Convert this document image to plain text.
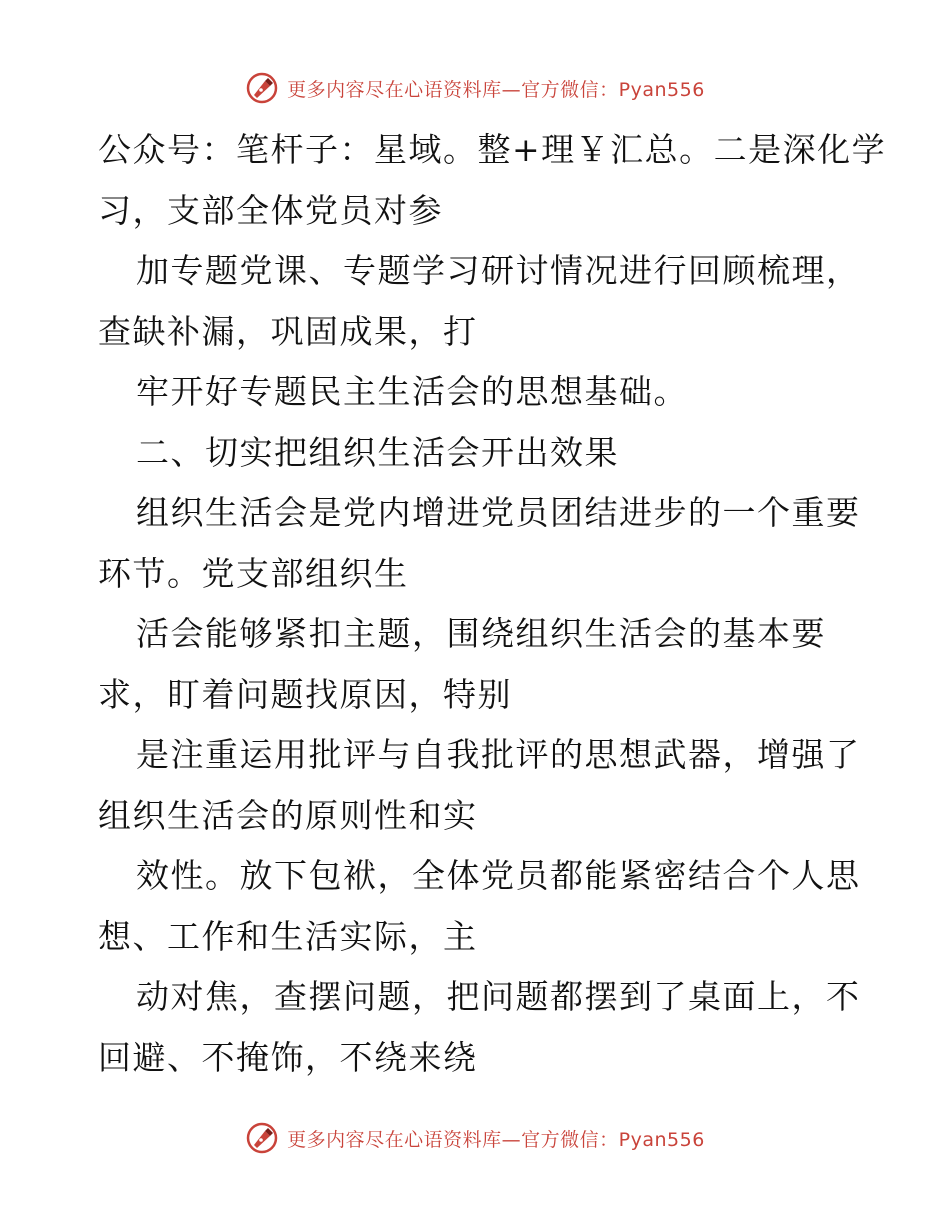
更多内容尽在心语资料库—官方微信：Pyan556
公众号：笔杆子：星域。整+理￥汇总。二是深化学
习，支部全体党员对参
加专题党课、专题学习研讨情况进行回顾梳理，
查缺补漏，巩固成果，打
牢开好专题民主生活会的思想基础。
二、切实把组织生活会开出效果
组织生活会是党内增进党员团结进步的一个重要
环节。党支部组织生
活会能够紧扣主题，围绕组织生活会的基本要
求，盯着问题找原因，特别
是注重运用批评与自我批评的思想武器，增强了
组织生活会的原则性和实
效性。放下包袱，全体党员都能紧密结合个人思
想、工作和生活实际，主
动对焦，查摆问题，把问题都摆到了桌面上，不
回避、不掩饰，不绕来绕
更多内容尽在心语资料库—官方微信：Pyan556
